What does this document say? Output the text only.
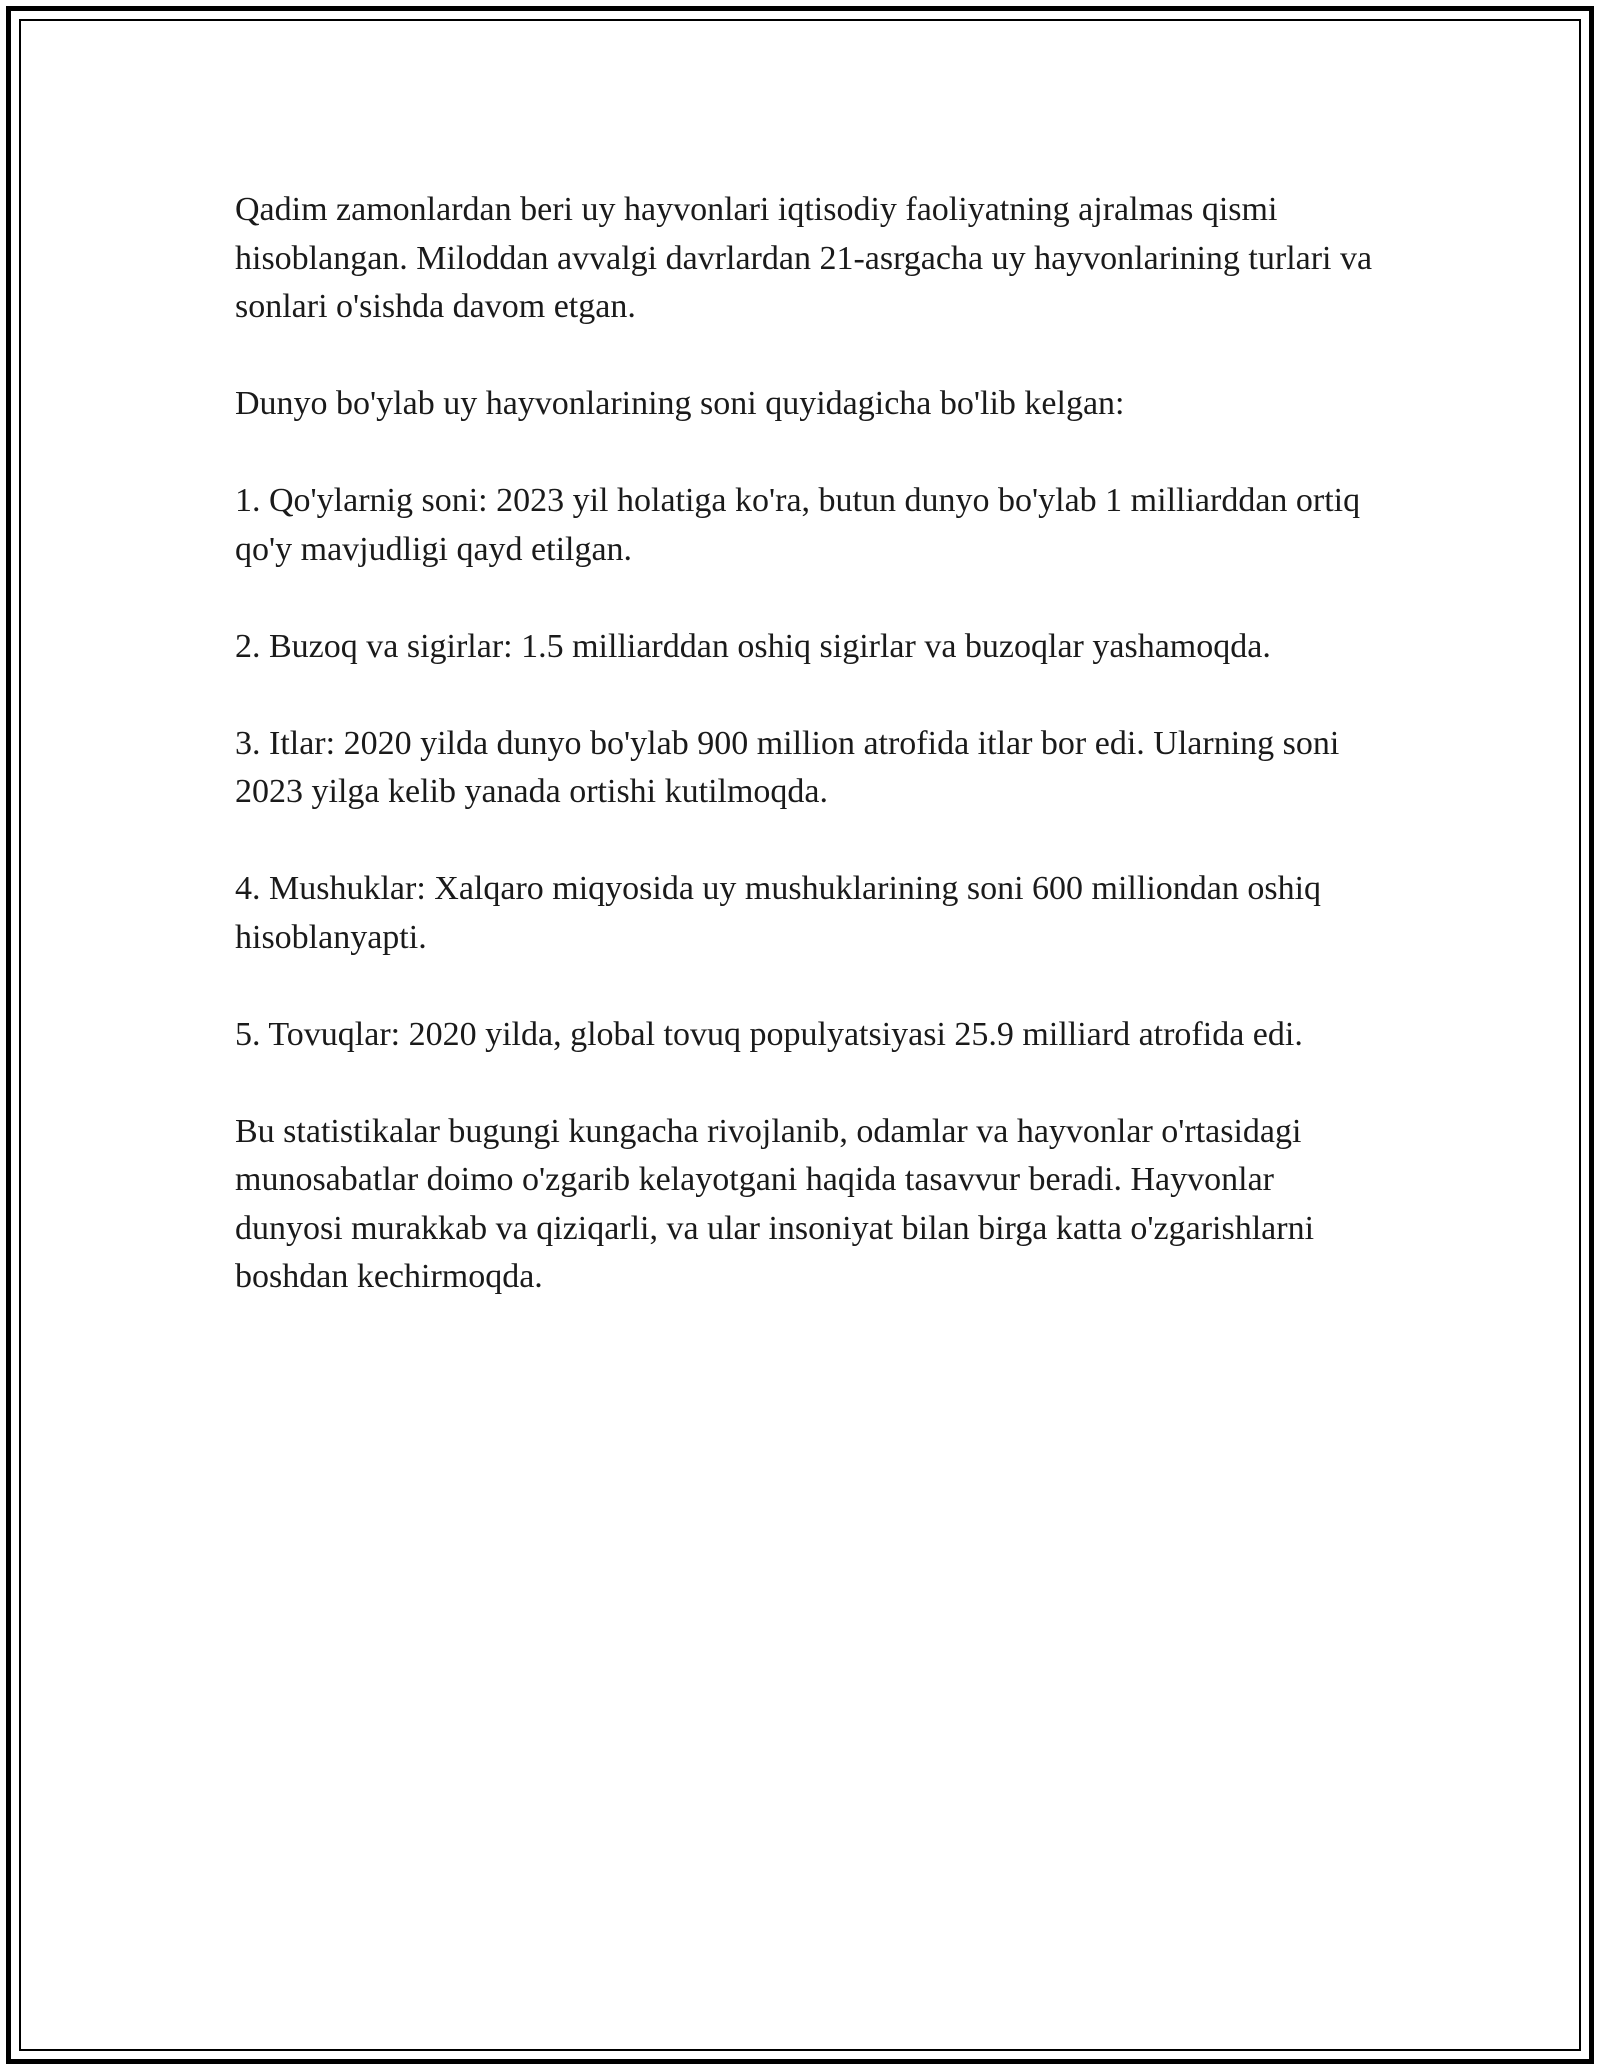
Qadim zamonlardan beri uy hayvonlari iqtisodiy faoliyatning ajralmas qismi hisoblangan. Miloddan avvalgi davrlardan 21-asrgacha uy hayvonlarining turlari va sonlari o'sishda davom etgan.

Dunyo bo'ylab uy hayvonlarining soni quyidagicha bo'lib kelgan:

1. Qo'ylarnig soni: 2023 yil holatiga ko'ra, butun dunyo bo'ylab 1 milliarddan ortiq qo'y mavjudligi qayd etilgan.

2. Buzoq va sigirlar: 1.5 milliarddan oshiq sigirlar va buzoqlar yashamoqda.

3. Itlar: 2020 yilda dunyo bo'ylab 900 million atrofida itlar bor edi. Ularning soni 2023 yilga kelib yanada ortishi kutilmoqda.

4. Mushuklar: Xalqaro miqyosida uy mushuklarining soni 600 milliondan oshiq hisoblanyapti.

5. Tovuqlar: 2020 yilda, global tovuq populyatsiyasi 25.9 milliard atrofida edi.

Bu statistikalar bugungi kungacha rivojlanib, odamlar va hayvonlar o'rtasidagi munosabatlar doimo o'zgarib kelayotgani haqida tasavvur beradi. Hayvonlar dunyosi murakkab va qiziqarli, va ular insoniyat bilan birga katta o'zgarishlarni boshdan kechirmoqda.
